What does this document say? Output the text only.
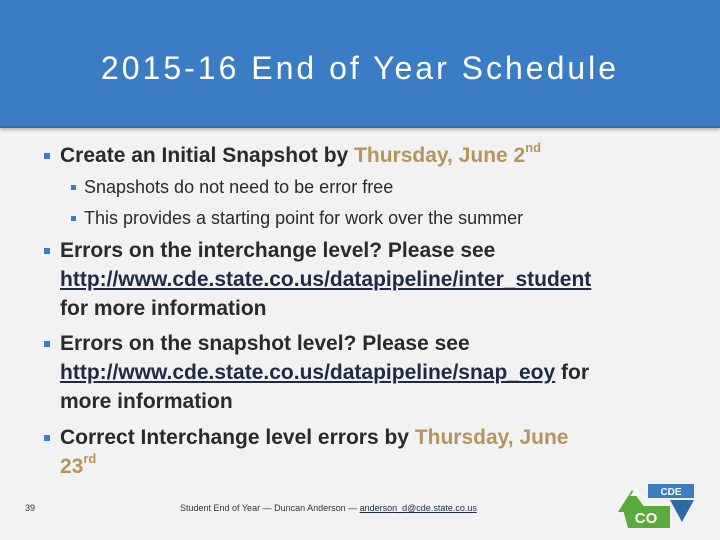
2015-16 End of Year Schedule
Create an Initial Snapshot by Thursday, June 2nd
Snapshots do not need to be error free
This provides a starting point for work over the summer
Errors on the interchange level? Please see
http://www.cde.state.co.us/datapipeline/inter_student
for more information
Errors on the snapshot level? Please see
http://www.cde.state.co.us/datapipeline/snap_eoy for
more information
Correct Interchange level errors by Thursday, June
23rd
39	Student End of Year — Duncan Anderson — anderson_d@cde.state.co.us
CDE
CO
